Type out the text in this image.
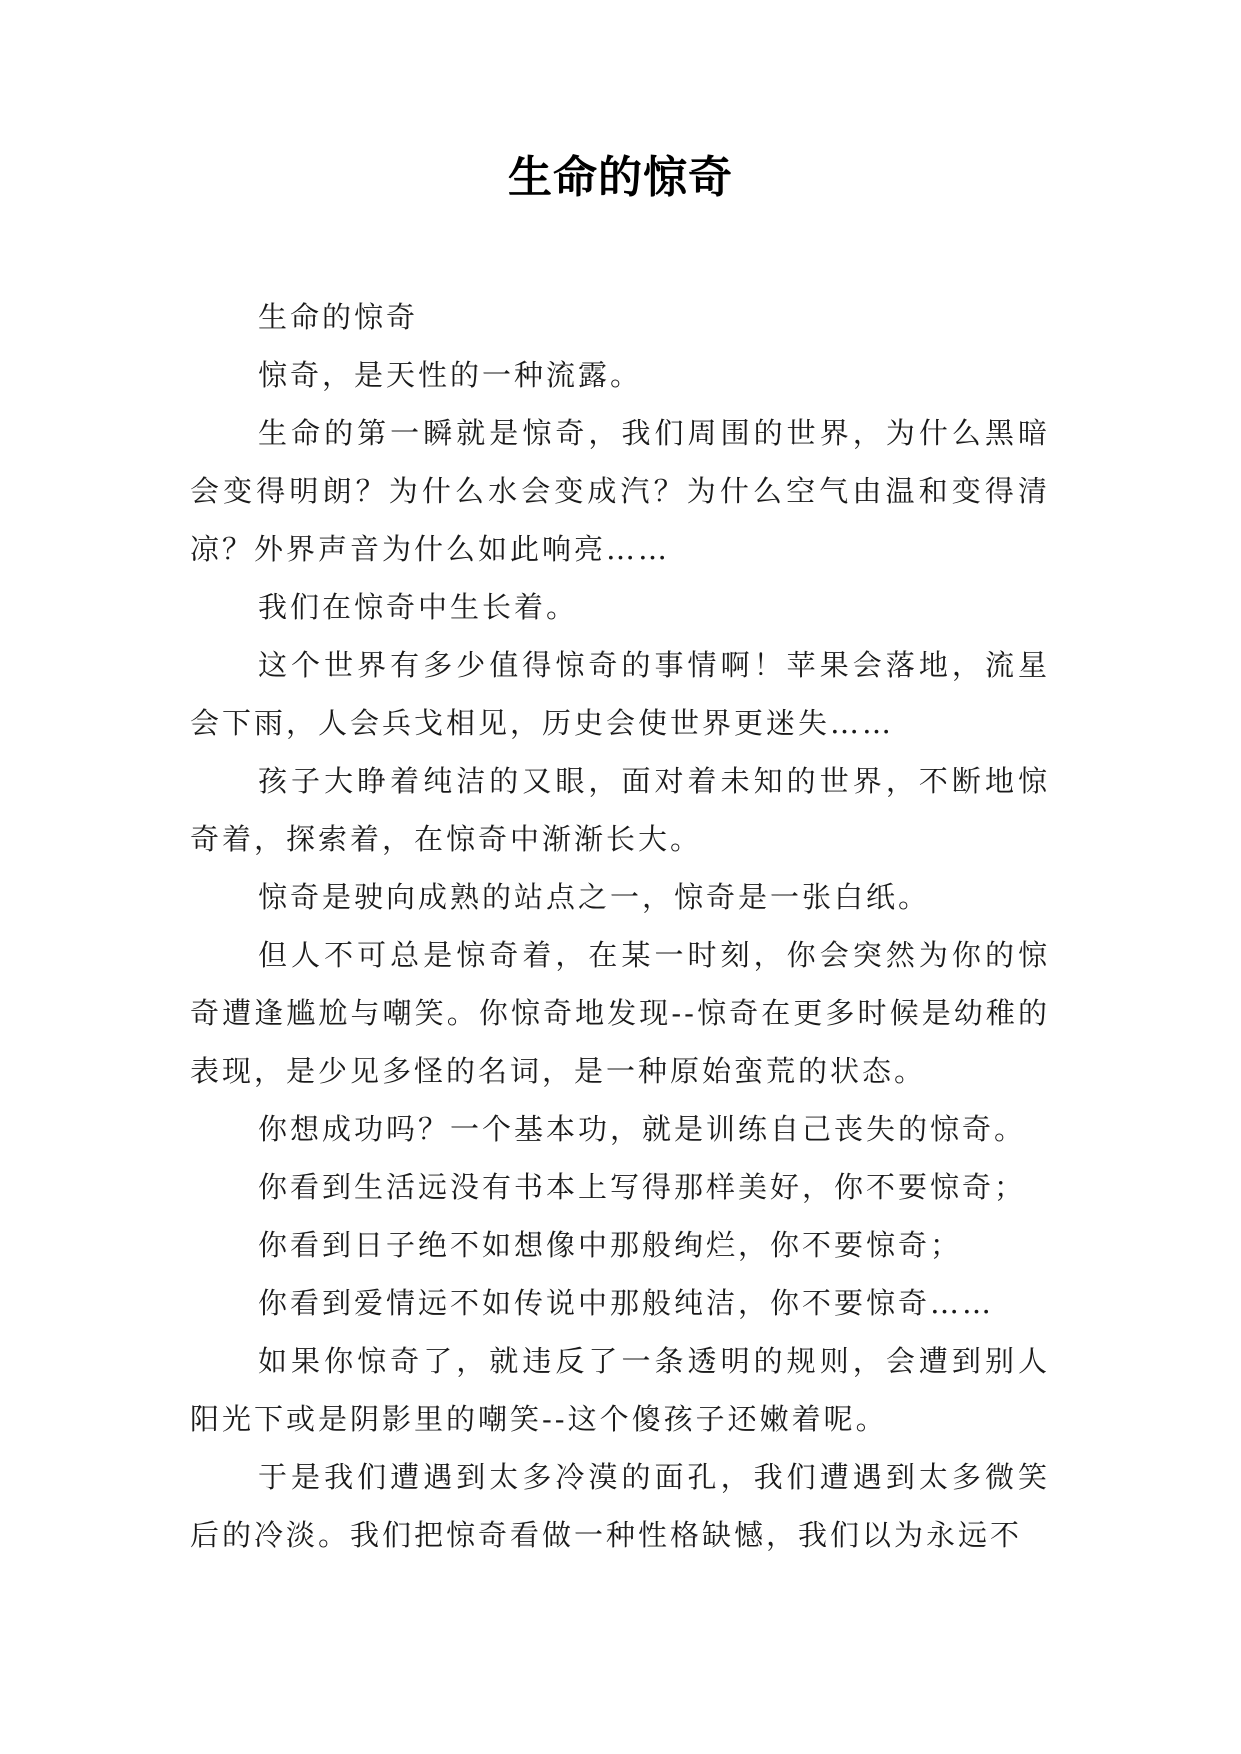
生命的惊奇

生命的惊奇

惊奇，是天性的一种流露。

生命的第一瞬就是惊奇，我们周围的世界，为什么黑暗会变得明朗？为什么水会变成汽？为什么空气由温和变得清凉？外界声音为什么如此响亮……

我们在惊奇中生长着。

这个世界有多少值得惊奇的事情啊！苹果会落地，流星会下雨，人会兵戈相见，历史会使世界更迷失……

孩子大睁着纯洁的又眼，面对着未知的世界，不断地惊奇着，探索着，在惊奇中渐渐长大。

惊奇是驶向成熟的站点之一，惊奇是一张白纸。

但人不可总是惊奇着，在某一时刻，你会突然为你的惊奇遭逢尴尬与嘲笑。你惊奇地发现--惊奇在更多时候是幼稚的表现，是少见多怪的名词，是一种原始蛮荒的状态。

你想成功吗？一个基本功，就是训练自己丧失的惊奇。

你看到生活远没有书本上写得那样美好，你不要惊奇；

你看到日子绝不如想像中那般绚烂，你不要惊奇；

你看到爱情远不如传说中那般纯洁，你不要惊奇……

如果你惊奇了，就违反了一条透明的规则，会遭到别人阳光下或是阴影里的嘲笑--这个傻孩子还嫩着呢。

于是我们遭遇到太多冷漠的面孔，我们遭遇到太多微笑后的冷淡。我们把惊奇看做一种性格缺憾，我们以为永远不
